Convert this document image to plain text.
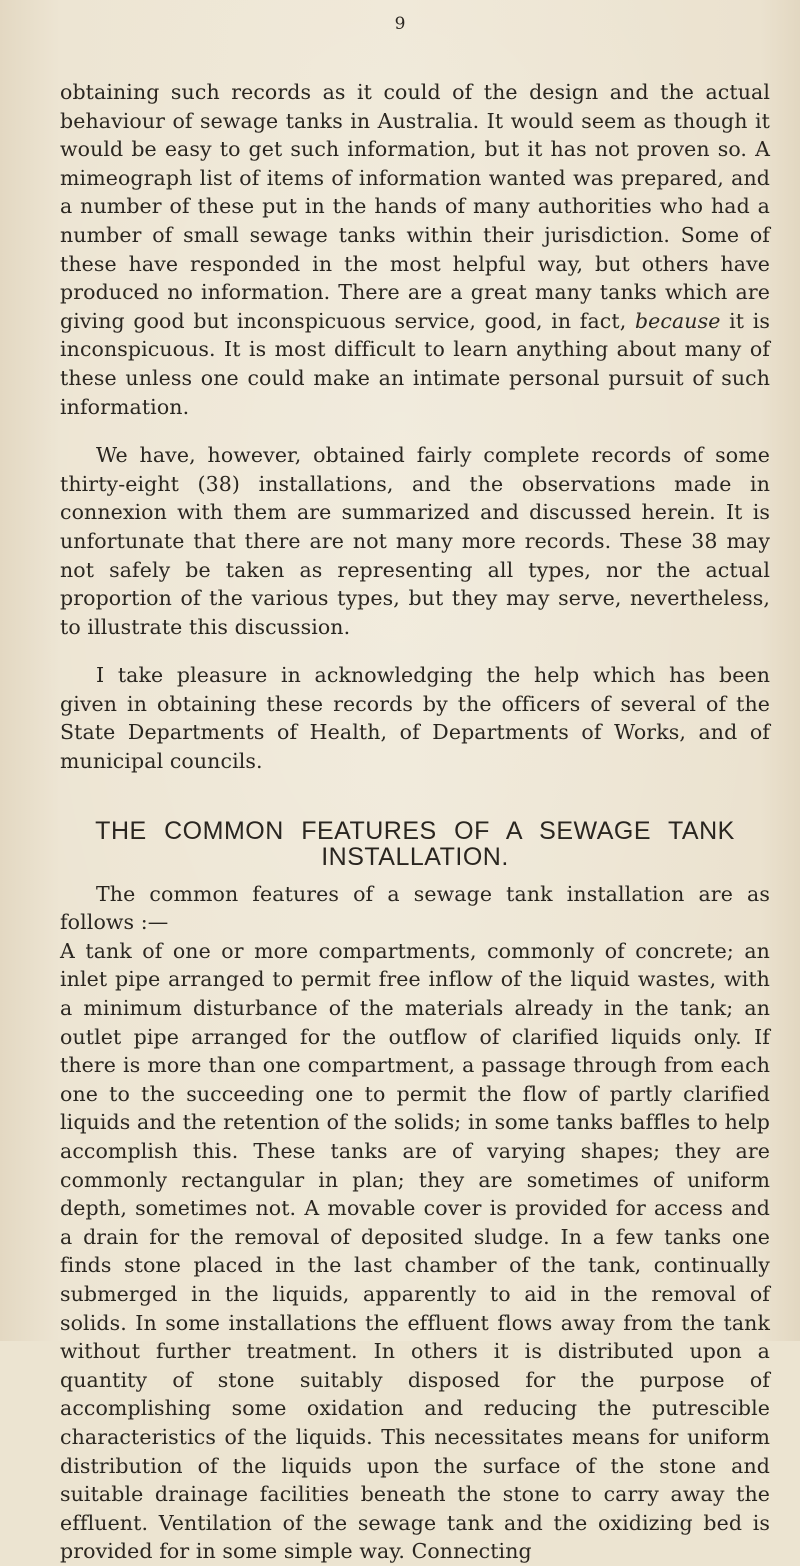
9

obtaining such records as it could of the design and the actual behaviour of sewage tanks in Australia. It would seem as though it would be easy to get such information, but it has not proven so. A mimeograph list of items of information wanted was prepared, and a number of these put in the hands of many authorities who had a number of small sewage tanks within their jurisdiction. Some of these have responded in the most helpful way, but others have produced no information. There are a great many tanks which are giving good but inconspicuous service, good, in fact, because it is inconspicuous. It is most difficult to learn anything about many of these unless one could make an intimate personal pursuit of such information.

We have, however, obtained fairly complete records of some thirty-eight (38) installations, and the observations made in connexion with them are summarized and discussed herein. It is unfortunate that there are not many more records. These 38 may not safely be taken as representing all types, nor the actual proportion of the various types, but they may serve, nevertheless, to illustrate this discussion.

I take pleasure in acknowledging the help which has been given in obtaining these records by the officers of several of the State Departments of Health, of Departments of Works, and of municipal councils.

THE COMMON FEATURES OF A SEWAGE TANK
INSTALLATION.

The common features of a sewage tank installation are as follows :—

A tank of one or more compartments, commonly of concrete; an inlet pipe arranged to permit free inflow of the liquid wastes, with a minimum disturbance of the materials already in the tank; an outlet pipe arranged for the outflow of clarified liquids only. If there is more than one compartment, a passage through from each one to the succeeding one to permit the flow of partly clarified liquids and the retention of the solids; in some tanks baffles to help accomplish this. These tanks are of varying shapes; they are commonly rectangular in plan; they are sometimes of uniform depth, sometimes not. A movable cover is provided for access and a drain for the removal of deposited sludge. In a few tanks one finds stone placed in the last chamber of the tank, continually submerged in the liquids, apparently to aid in the removal of solids. In some installations the effluent flows away from the tank without further treatment. In others it is distributed upon a quantity of stone suitably disposed for the purpose of accomplishing some oxidation and reducing the putrescible characteristics of the liquids. This necessitates means for uniform distribution of the liquids upon the surface of the stone and suitable drainage facilities beneath the stone to carry away the effluent. Ventilation of the sewage tank and the oxidizing bed is provided for in some simple way. Connecting
